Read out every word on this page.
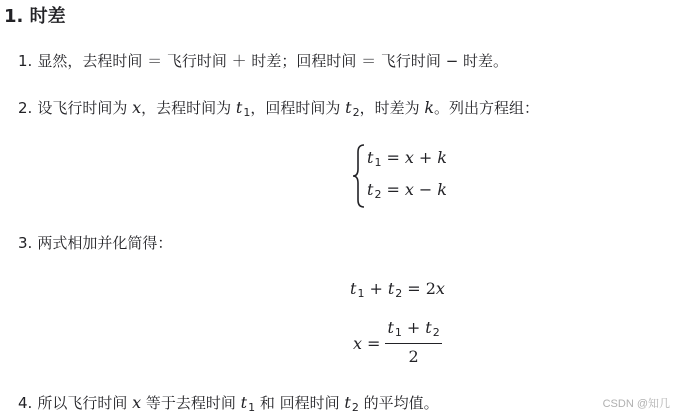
1. 时差
1. 显然，去程时间 ＝ 飞行时间 ＋ 时差；回程时间 ＝ 飞行时间 − 时差。
2. 设飞行时间为 x，去程时间为 $t_1$，回程时间为 $t_2$，时差为 k。列出方程组：
t1 = x + k
t2 = x − k
3. 两式相加并化简得：
t1 + t2 = 2x
$x = \frac{t1 + t2}{2}$
4. 所以飞行时间 x 等于去程时间 $t_1$ 和 回程时间 $t_2$ 的平均值。	CSDN @知几
